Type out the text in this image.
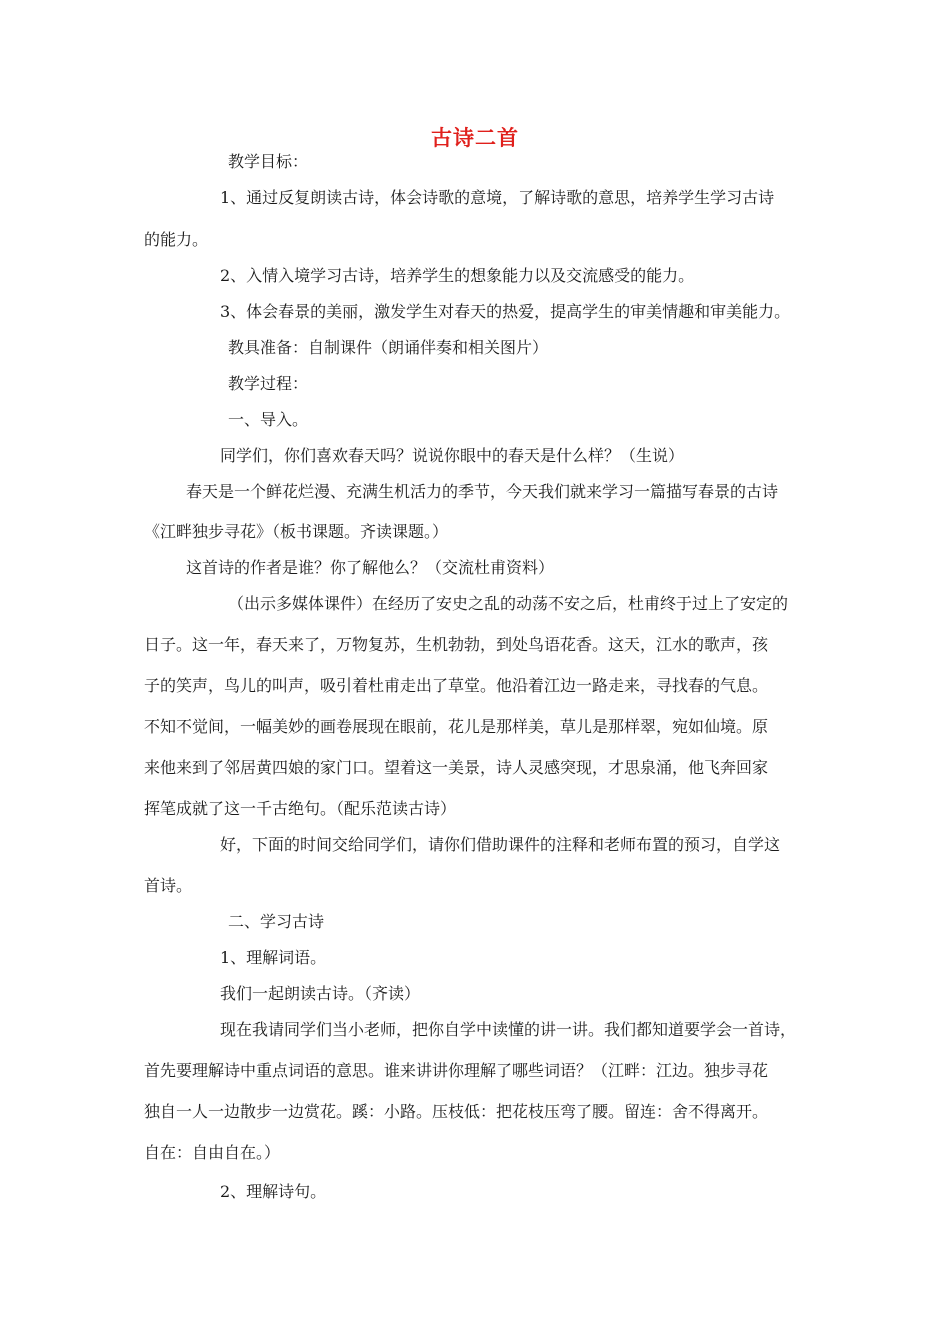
古诗二首
教学目标：
1、通过反复朗读古诗，体会诗歌的意境，了解诗歌的意思，培养学生学习古诗
的能力。
2、入情入境学习古诗，培养学生的想象能力以及交流感受的能力。
3、体会春景的美丽，激发学生对春天的热爱，提高学生的审美情趣和审美能力。
教具准备：自制课件（朗诵伴奏和相关图片）
教学过程：
一、导入。
同学们，你们喜欢春天吗？说说你眼中的春天是什么样？（生说）
春天是一个鲜花烂漫、充满生机活力的季节，今天我们就来学习一篇描写春景的古诗
《江畔独步寻花》（板书课题。齐读课题。）
这首诗的作者是谁？你了解他么？（交流杜甫资料）
（出示多媒体课件）在经历了安史之乱的动荡不安之后，杜甫终于过上了安定的
日子。这一年，春天来了，万物复苏，生机勃勃，到处鸟语花香。这天，江水的歌声，孩
子的笑声，鸟儿的叫声，吸引着杜甫走出了草堂。他沿着江边一路走来，寻找春的气息。
不知不觉间，一幅美妙的画卷展现在眼前，花儿是那样美，草儿是那样翠，宛如仙境。原
来他来到了邻居黄四娘的家门口。望着这一美景，诗人灵感突现，才思泉涌，他飞奔回家
挥笔成就了这一千古绝句。（配乐范读古诗）
好，下面的时间交给同学们，请你们借助课件的注释和老师布置的预习，自学这
首诗。
二、学习古诗
1、理解词语。
我们一起朗读古诗。（齐读）
现在我请同学们当小老师，把你自学中读懂的讲一讲。我们都知道要学会一首诗，
首先要理解诗中重点词语的意思。谁来讲讲你理解了哪些词语？（江畔：江边。独步寻花
独自一人一边散步一边赏花。蹊：小路。压枝低：把花枝压弯了腰。留连：舍不得离开。
自在：自由自在。）
2、理解诗句。
